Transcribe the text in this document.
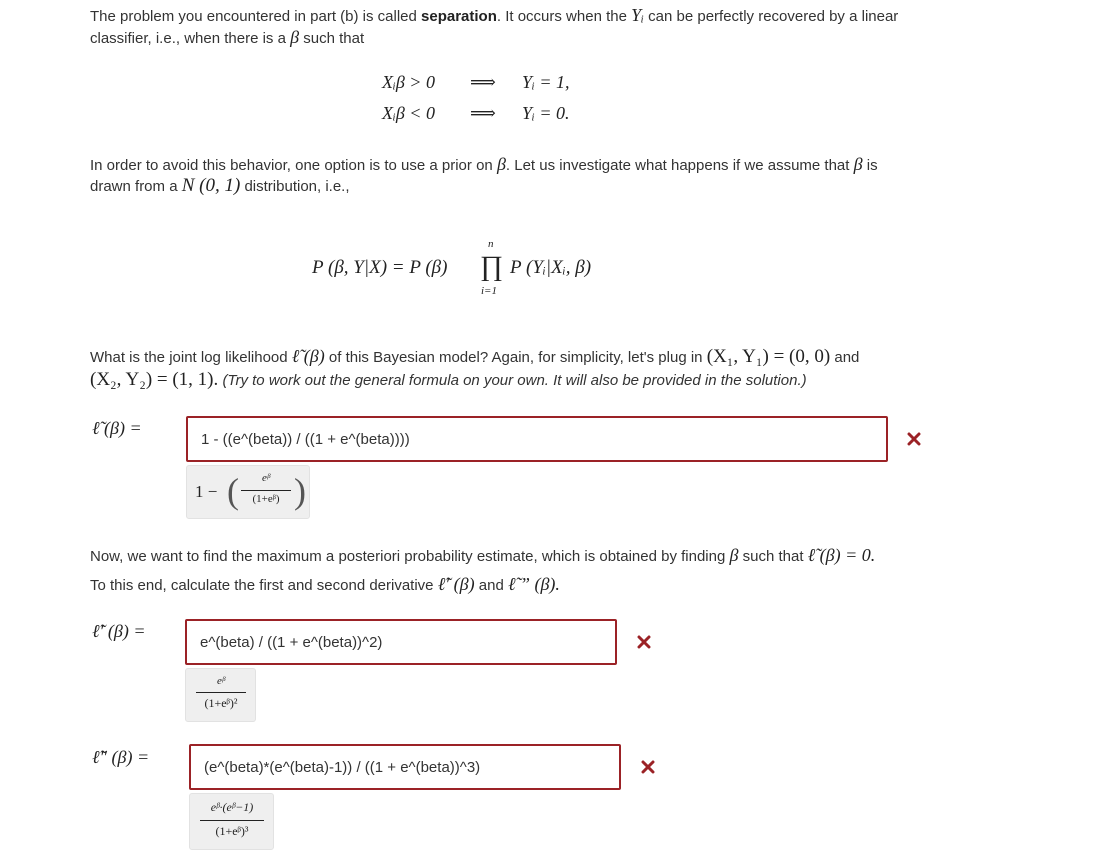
The problem you encountered in part (b) is called separation. It occurs when the Yᵢ can be perfectly recovered by a linear
classifier, i.e., when there is a β such that
Xᵢβ > 0 ⟹ Yᵢ = 1,
Xᵢβ < 0 ⟹ Yᵢ = 0.
In order to avoid this behavior, one option is to use a prior on β. Let us investigate what happens if we assume that β is
drawn from a N (0, 1) distribution, i.e.,
P (β, Y|X) = P (β) ∏
n
i=1
P (Yᵢ|Xᵢ, β)
What is the joint log likelihood ℓ̃ (β) of this Bayesian model? Again, for simplicity, let's plug in (X₁, Y₁) = (0, 0) and
(X₂, Y₂) = (1, 1). (Try to work out the general formula on your own. It will also be provided in the solution.)
ℓ̃ (β) =
1 - ((e^(beta)) / ((1 + e^(beta))))
1 − (	eᵝ
(1+eᵝ) )
Now, we want to find the maximum a posteriori probability estimate, which is obtained by finding β such that ℓ̃ (β) = 0.
To this end, calculate the first and second derivative ℓ̃′ (β) and ℓ̃ ” (β).
ℓ̃′ (β) =
e^(beta) / ((1 + e^(beta))^2)
eᵝ
(1+eᵝ)²
ℓ̃″ (β) =	(e^(beta)*(e^(beta)-1)) / ((1 + e^(beta))^3)
eᵝ·(eᵝ−1)
(1+eᵝ)³
